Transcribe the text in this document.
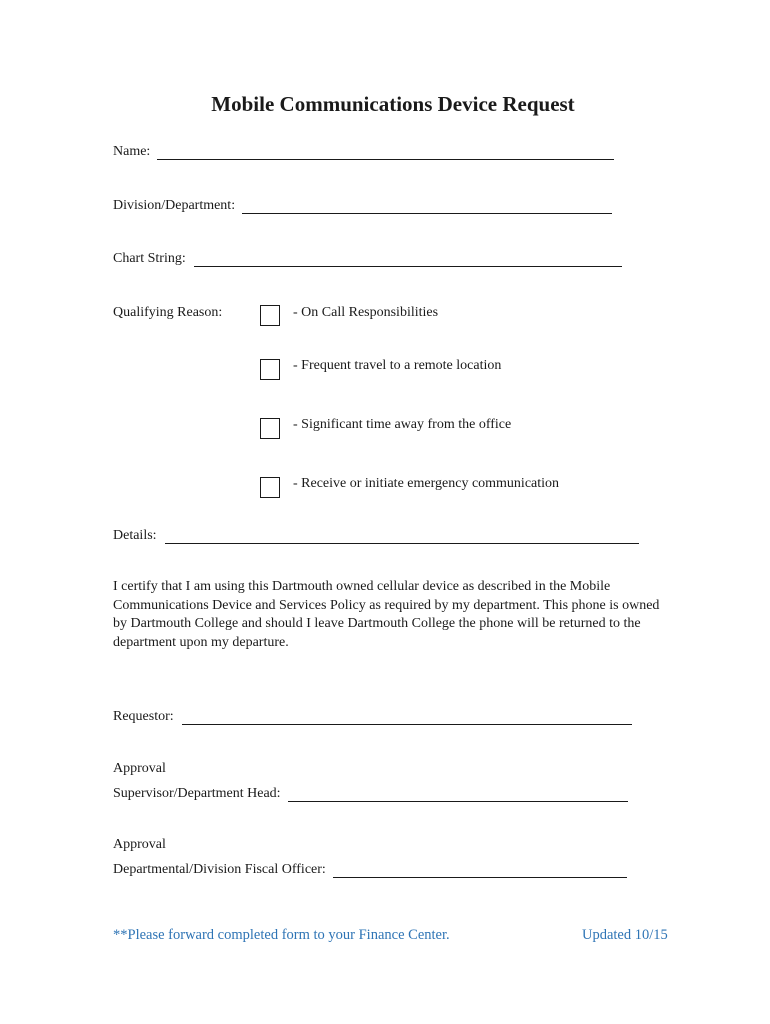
Mobile Communications Device Request
Name:
Division/Department:
Chart String:
Qualifying Reason:	- On Call Responsibilities
- Frequent travel to a remote location
- Significant time away from the office
- Receive or initiate emergency communication
Details:
I certify that I am using this Dartmouth owned cellular device as described in the Mobile Communications Device and Services Policy as required by my department. This phone is owned by Dartmouth College and should I leave Dartmouth College the phone will be returned to the department upon my departure.
Requestor:
Approval
Supervisor/Department Head:
Approval
Departmental/Division Fiscal Officer:
**Please forward completed form to your Finance Center.	Updated 10/15
